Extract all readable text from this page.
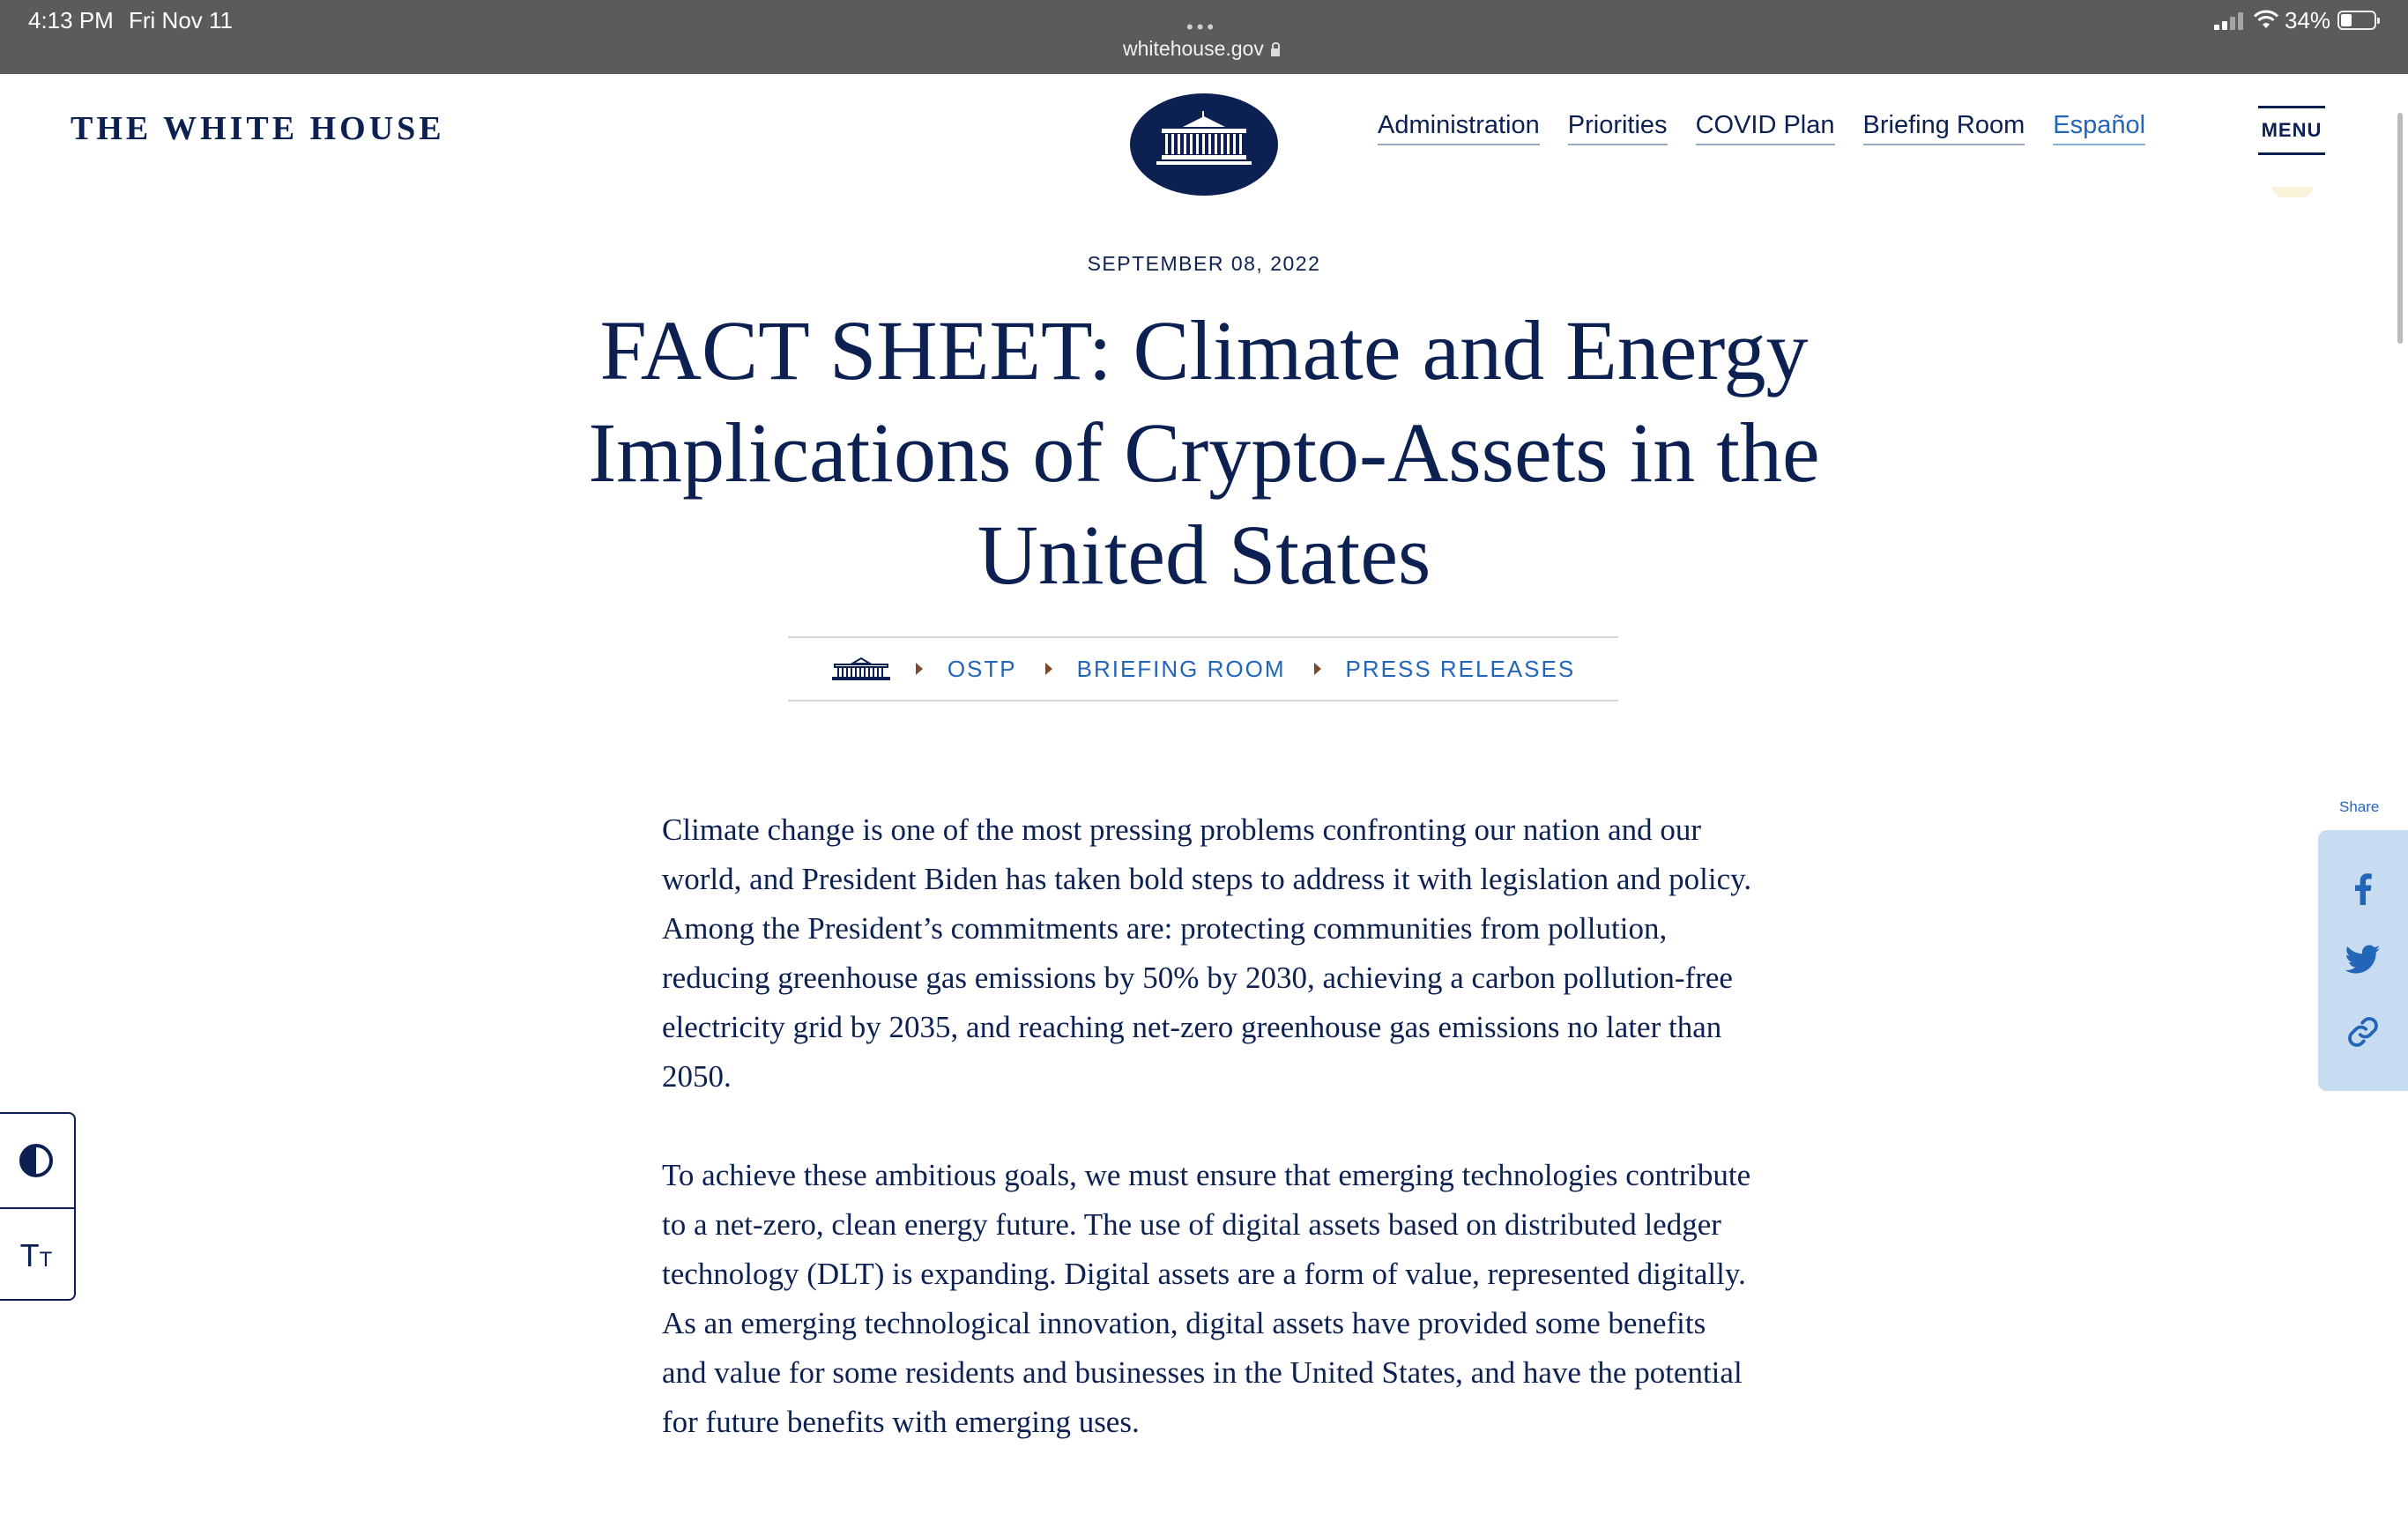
4:13 PM Fri Nov 11	•••
whitehouse.gov
34%
THE WHITE HOUSE	Administration Priorities COVID Plan Briefing Room Español	MENU
SEPTEMBER 08, 2022
FACT SHEET: Climate and Energy Implications of Crypto-Assets in the United States
OSTP	BRIEFING ROOM	PRESS RELEASES

Climate change is one of the most pressing problems confronting our nation and our world, and President Biden has taken bold steps to address it with legislation and policy. Among the President’s commitments are: protecting communities from pollution, reducing greenhouse gas emissions by 50% by 2030, achieving a carbon pollution-free electricity grid by 2035, and reaching net-zero greenhouse gas emissions no later than 2050.

To achieve these ambitious goals, we must ensure that emerging technologies contribute to a net-zero, clean energy future. The use of digital assets based on distributed ledger technology (DLT) is expanding. Digital assets are a form of value, represented digitally. As an emerging technological innovation, digital assets have provided some benefits and value for some residents and businesses in the United States, and have the potential for future benefits with emerging uses.

Share
TT
